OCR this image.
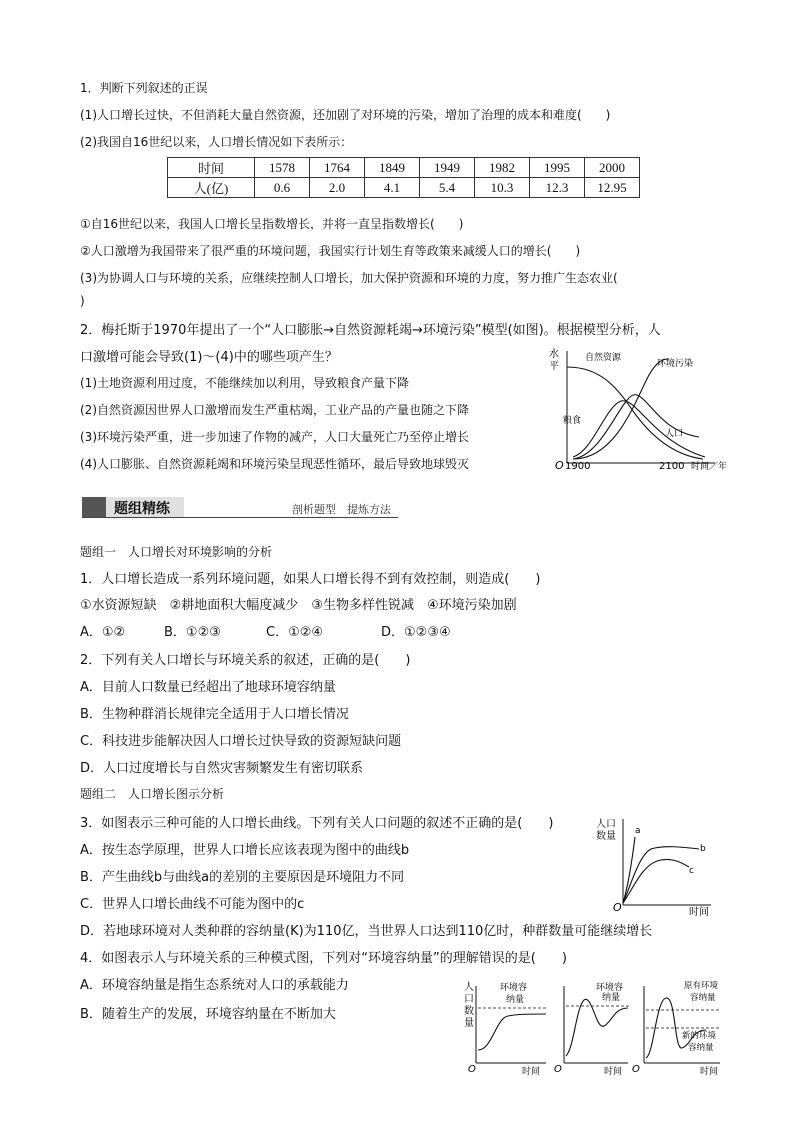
1．判断下列叙述的正误
(1)人口增长过快，不但消耗大量自然资源，还加剧了对环境的污染，增加了治理的成本和难度(　　)
(2)我国自16世纪以来，人口增长情况如下表所示：
时间	1578	1764	1849	1949	1982	1995	2000
人(亿)	0.6	2.0	4.1	5.4	10.3	12.3	12.95
①自16世纪以来，我国人口增长呈指数增长，并将一直呈指数增长(　　)
②人口激增为我国带来了很严重的环境问题，我国实行计划生育等政策来减缓人口的增长(　　)
(3)为协调人口与环境的关系，应继续控制人口增长，加大保护资源和环境的力度，努力推广生态农业(
)
2．梅托斯于1970年提出了一个“人口膨胀→自然资源耗竭→环境污染”模型(如图)。根据模型分析，人
口激增可能会导致(1)～(4)中的哪些项产生？
(1)土地资源利用过度，不能继续加以利用，导致粮食产量下降
(2)自然资源因世界人口激增而发生严重枯竭，工业产品的产量也随之下降
(3)环境污染严重，进一步加速了作物的减产，人口大量死亡乃至停止增长
(4)人口膨胀、自然资源耗竭和环境污染呈现恶性循环，最后导致地球毁灭
水
平
O 1900	2100 时间／年
自然资源
环境污染
粮食
人口
题组精练	剖析题型　提炼方法
题组一　人口增长对环境影响的分析
1．人口增长造成一系列环境问题，如果人口增长得不到有效控制，则造成(　　)
①水资源短缺　②耕地面积大幅度减少　③生物多样性锐减　④环境污染加剧
A．①②	B．①②③	C．①②④	D．①②③④
2．下列有关人口增长与环境关系的叙述，正确的是(　　)
A．目前人口数量已经超出了地球环境容纳量
B．生物种群消长规律完全适用于人口增长情况
C．科技进步能解决因人口增长过快导致的资源短缺问题
D．人口过度增长与自然灾害频繁发生有密切联系
题组二　人口增长图示分析
3．如图表示三种可能的人口增长曲线。下列有关人口问题的叙述不正确的是(　　)
A．按生态学原理，世界人口增长应该表现为图中的曲线b
B．产生曲线b与曲线a的差别的主要原因是环境阻力不同
C．世界人口增长曲线不可能为图中的c
D．若地球环境对人类种群的容纳量(K)为110亿，当世界人口达到110亿时，种群数量可能继续增长
4．如图表示人与环境关系的三种模式图，下列对“环境容纳量”的理解错误的是(　　)
A．环境容纳量是指生态系统对人口的承载能力
B．随着生产的发展，环境容纳量在不断加大
人口
数量
O	时间
a
b
c
人
口
数
量
O	时间
环境容
纳量
O	时间
环境容
纳量
O	时间
原有环境
容纳量
新的环境
容纳量
